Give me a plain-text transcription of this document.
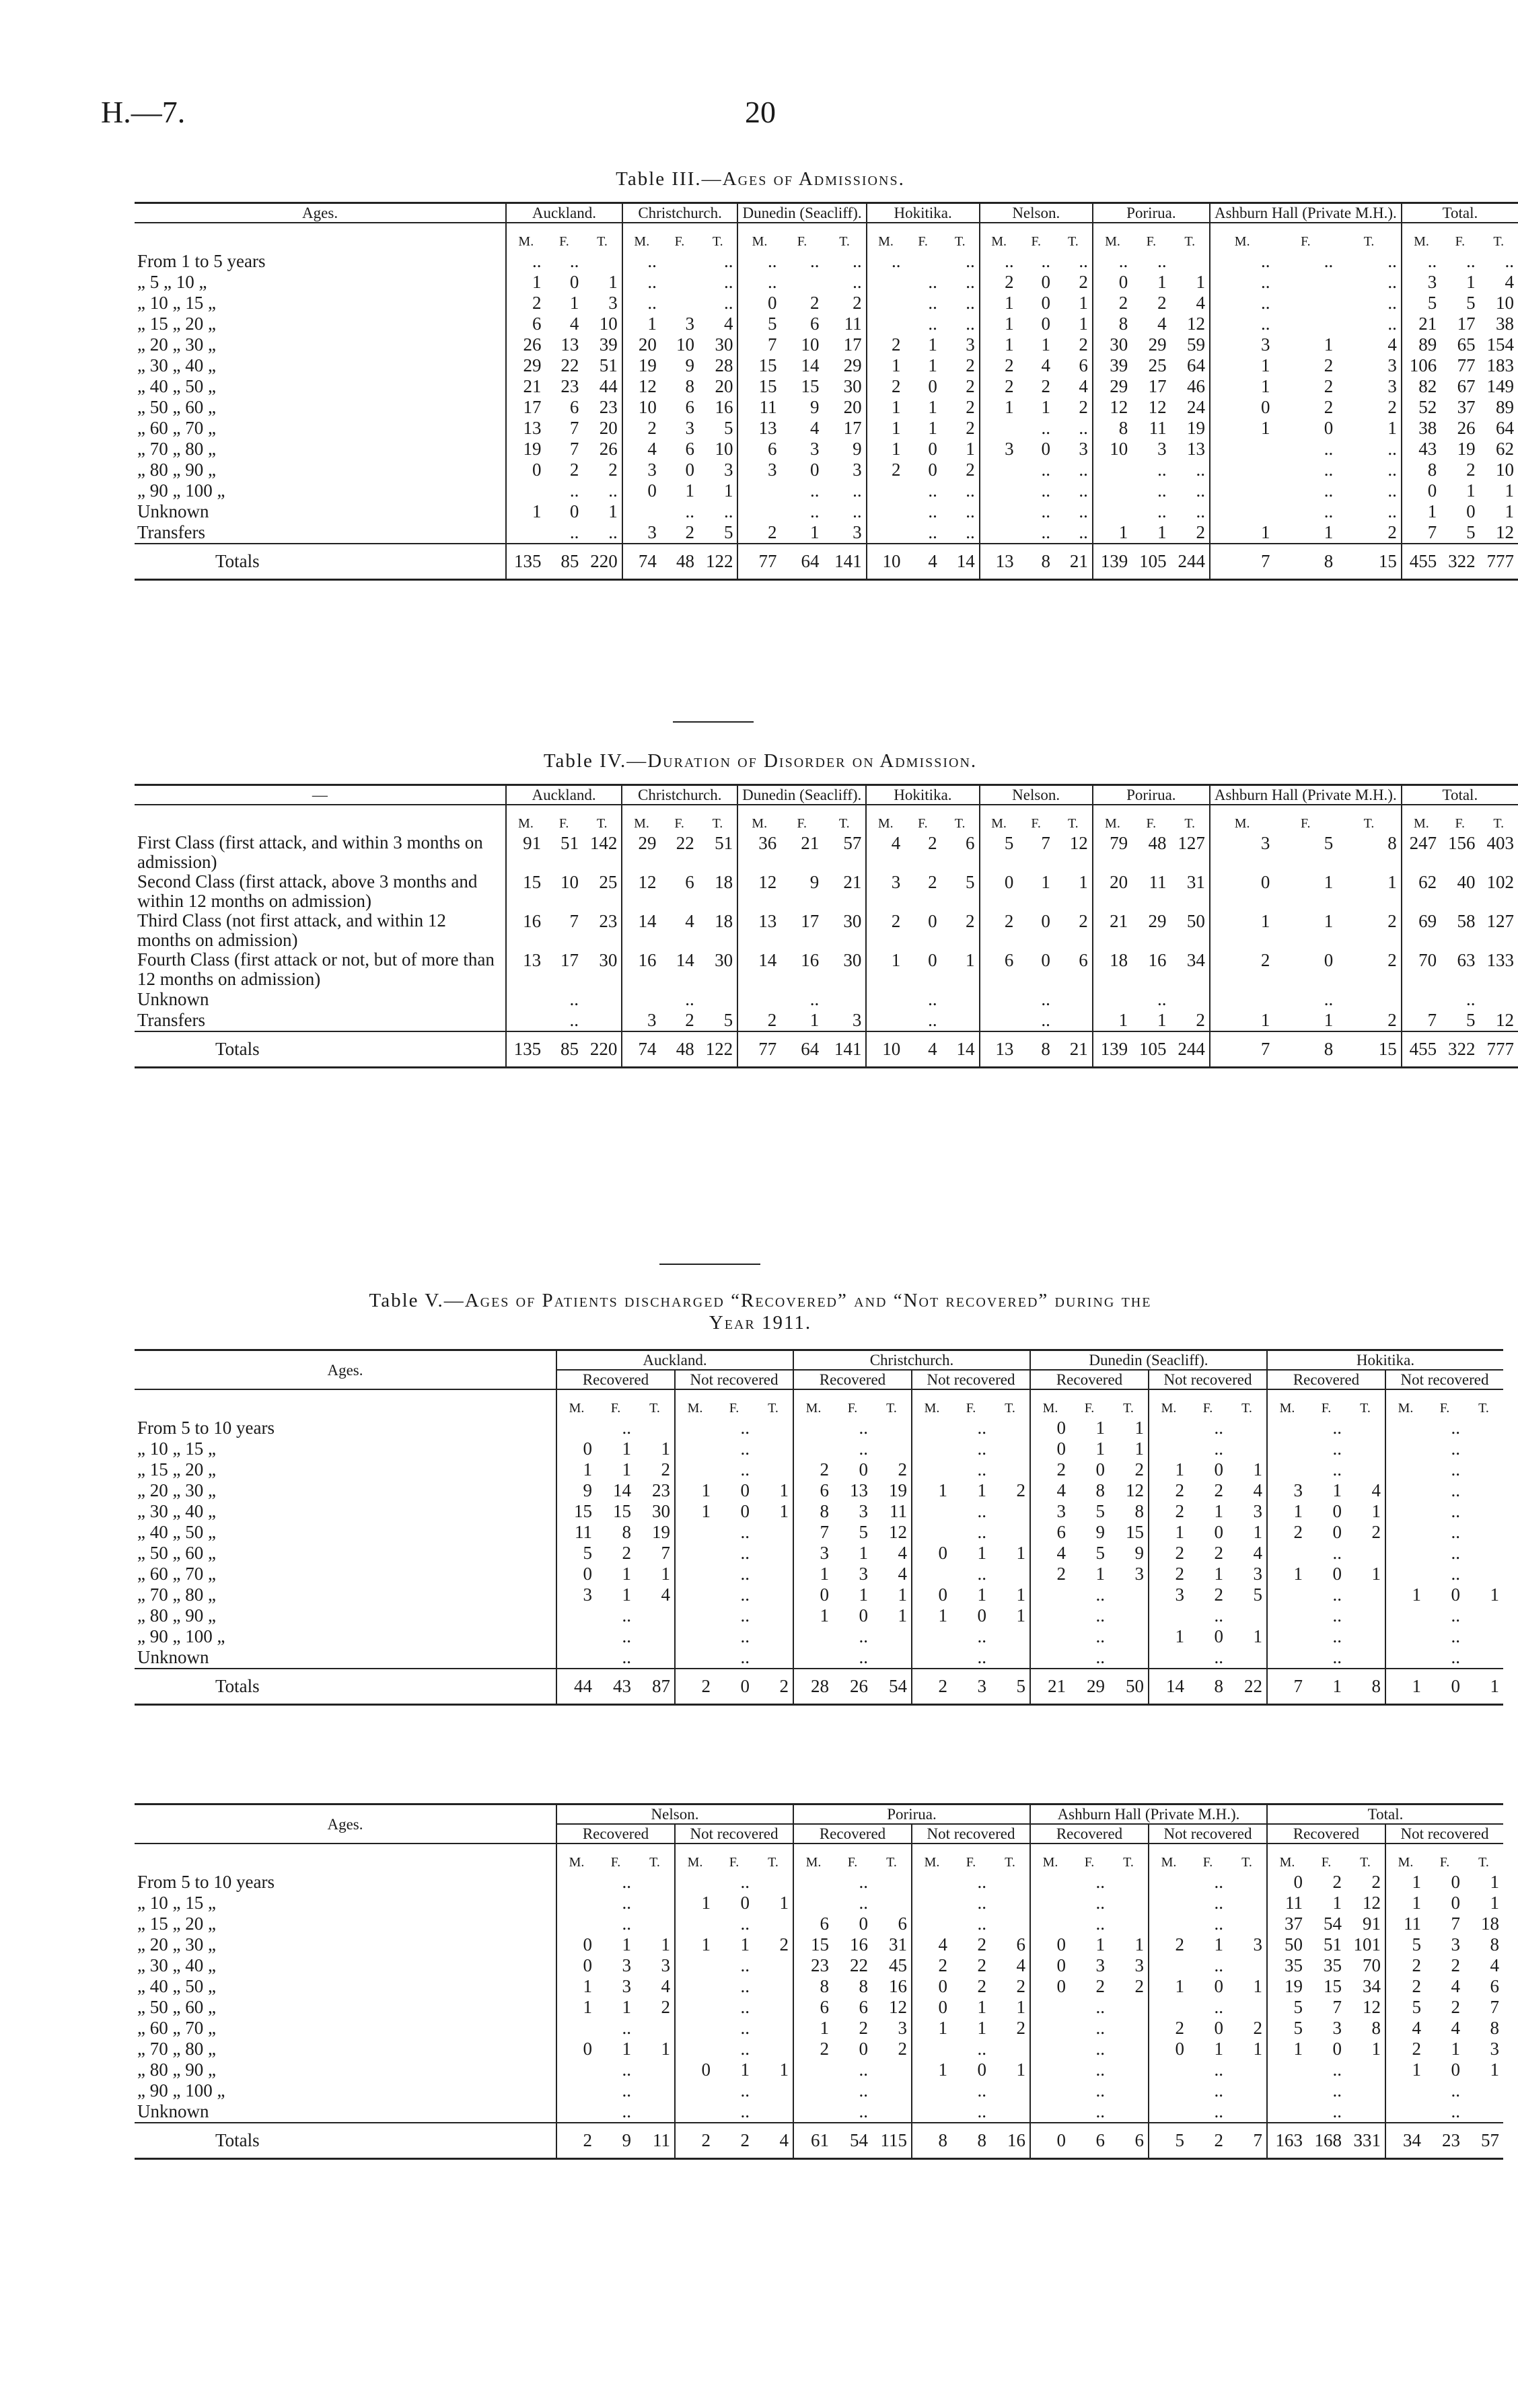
H.—7.	20
Table III.—Ages of Admissions.
Ages.	Auckland.			Christchurch.			Dunedin (Seacliff).			Hokitika.			Nelson.			Porirua.			Ashburn Hall (Private M.H.).			Total.		
	M.	F.	T.	M.	F.	T.	M.	F.	T.	M.	F.	T.	M.	F.	T.	M.	F.	T.	M.	F.	T.	M.	F.	T.
From 1 to 5 years	..	..		..		..	..	..	..	..		..	..	..	..	..	..		..	..	..	..	..	..
„ 5 „ 10 „	1	0	1	..		..	..		..		..	..	2	0	2	0	1	1	..		..	3	1	4
„ 10 „ 15 „	2	1	3	..		..	0	2	2		..	..	1	0	1	2	2	4	..		..	5	5	10
„ 15 „ 20 „	6	4	10	1	3	4	5	6	11		..	..	1	0	1	8	4	12	..		..	21	17	38
„ 20 „ 30 „	26	13	39	20	10	30	7	10	17	2	1	3	1	1	2	30	29	59	3	1	4	89	65	154
„ 30 „ 40 „	29	22	51	19	9	28	15	14	29	1	1	2	2	4	6	39	25	64	1	2	3	106	77	183
„ 40 „ 50 „	21	23	44	12	8	20	15	15	30	2	0	2	2	2	4	29	17	46	1	2	3	82	67	149
„ 50 „ 60 „	17	6	23	10	6	16	11	9	20	1	1	2	1	1	2	12	12	24	0	2	2	52	37	89
„ 60 „ 70 „	13	7	20	2	3	5	13	4	17	1	1	2		..	..	8	11	19	1	0	1	38	26	64
„ 70 „ 80 „	19	7	26	4	6	10	6	3	9	1	0	1	3	0	3	10	3	13		..	..	43	19	62
„ 80 „ 90 „	0	2	2	3	0	3	3	0	3	2	0	2		..	..		..	..		..	..	8	2	10
„ 90 „ 100 „		..	..	0	1	1		..	..		..	..		..	..		..	..		..	..	0	1	1
Unknown	1	0	1		..	..		..	..		..	..		..	..		..	..		..	..	1	0	1
Transfers		..	..	3	2	5	2	1	3		..	..		..	..	1	1	2	1	1	2	7	5	12
Totals	135	85	220	74	48	122	77	64	141	10	4	14	13	8	21	139	105	244	7	8	15	455	322	777
Table IV.—Duration of Disorder on Admission.
—	Auckland.			Christchurch.			Dunedin (Seacliff).			Hokitika.			Nelson.			Porirua.			Ashburn Hall (Private M.H.).			Total.		
	M.	F.	T.	M.	F.	T.	M.	F.	T.	M.	F.	T.	M.	F.	T.	M.	F.	T.	M.	F.	T.	M.	F.	T.
First Class (first attack, and within 3 months on admission)	91	51	142	29	22	51	36	21	57	4	2	6	5	7	12	79	48	127	3	5	8	247	156	403
Second Class (first attack, above 3 months and within 12 months on admission)	15	10	25	12	6	18	12	9	21	3	2	5	0	1	1	20	11	31	0	1	1	62	40	102
Third Class (not first attack, and within 12 months on admission)	16	7	23	14	4	18	13	17	30	2	0	2	2	0	2	21	29	50	1	1	2	69	58	127
Fourth Class (first attack or not, but of more than 12 months on admission)	13	17	30	16	14	30	14	16	30	1	0	1	6	0	6	18	16	34	2	0	2	70	63	133
Unknown		..			..			..			..			..			..			..			..	
Transfers		..		3	2	5	2	1	3		..			..		1	1	2	1	1	2	7	5	12
Totals	135	85	220	74	48	122	77	64	141	10	4	14	13	8	21	139	105	244	7	8	15	455	322	777
Table V.—Ages of Patients discharged “Recovered” and “Not recovered” during the
Year 1911.
Ages.	Auckland.						Christchurch.						Dunedin (Seacliff).						Hokitika.					
	Recovered			Not recovered			Recovered			Not recovered			Recovered			Not recovered			Recovered			Not recovered		
	M.	F.	T.	M.	F.	T.	M.	F.	T.	M.	F.	T.	M.	F.	T.	M.	F.	T.	M.	F.	T.	M.	F.	T.
From 5 to 10 years		..			..			..			..		0	1	1		..			..			..	
„ 10 „ 15 „	0	1	1		..			..			..		0	1	1		..			..			..	
„ 15 „ 20 „	1	1	2		..		2	0	2		..		2	0	2	1	0	1		..			..	
„ 20 „ 30 „	9	14	23	1	0	1	6	13	19	1	1	2	4	8	12	2	2	4	3	1	4		..	
„ 30 „ 40 „	15	15	30	1	0	1	8	3	11		..		3	5	8	2	1	3	1	0	1		..	
„ 40 „ 50 „	11	8	19		..		7	5	12		..		6	9	15	1	0	1	2	0	2		..	
„ 50 „ 60 „	5	2	7		..		3	1	4	0	1	1	4	5	9	2	2	4		..			..	
„ 60 „ 70 „	0	1	1		..		1	3	4		..		2	1	3	2	1	3	1	0	1		..	
„ 70 „ 80 „	3	1	4		..		0	1	1	0	1	1		..		3	2	5		..		1	0	1
„ 80 „ 90 „		..			..		1	0	1	1	0	1		..			..			..			..	
„ 90 „ 100 „		..			..			..			..			..		1	0	1		..			..	
Unknown		..			..			..			..			..			..			..			..	
Totals	44	43	87	2	0	2	28	26	54	2	3	5	21	29	50	14	8	22	7	1	8	1	0	1
Ages.	Nelson.						Porirua.						Ashburn Hall (Private M.H.).						Total.					
	Recovered			Not recovered			Recovered			Not recovered			Recovered			Not recovered			Recovered			Not recovered		
	M.	F.	T.	M.	F.	T.	M.	F.	T.	M.	F.	T.	M.	F.	T.	M.	F.	T.	M.	F.	T.	M.	F.	T.
From 5 to 10 years		..			..			..			..			..			..		0	2	2	1	0	1
„ 10 „ 15 „		..		1	0	1		..			..			..			..		11	1	12	1	0	1
„ 15 „ 20 „		..			..		6	0	6		..			..			..		37	54	91	11	7	18
„ 20 „ 30 „	0	1	1	1	1	2	15	16	31	4	2	6	0	1	1	2	1	3	50	51	101	5	3	8
„ 30 „ 40 „	0	3	3		..		23	22	45	2	2	4	0	3	3		..		35	35	70	2	2	4
„ 40 „ 50 „	1	3	4		..		8	8	16	0	2	2	0	2	2	1	0	1	19	15	34	2	4	6
„ 50 „ 60 „	1	1	2		..		6	6	12	0	1	1		..			..		5	7	12	5	2	7
„ 60 „ 70 „		..			..		1	2	3	1	1	2		..		2	0	2	5	3	8	4	4	8
„ 70 „ 80 „	0	1	1		..		2	0	2		..			..		0	1	1	1	0	1	2	1	3
„ 80 „ 90 „		..		0	1	1		..		1	0	1		..			..			..		1	0	1
„ 90 „ 100 „		..			..			..			..			..			..			..			..	
Unknown		..			..			..			..			..			..			..			..	
Totals	2	9	11	2	2	4	61	54	115	8	8	16	0	6	6	5	2	7	163	168	331	34	23	57
